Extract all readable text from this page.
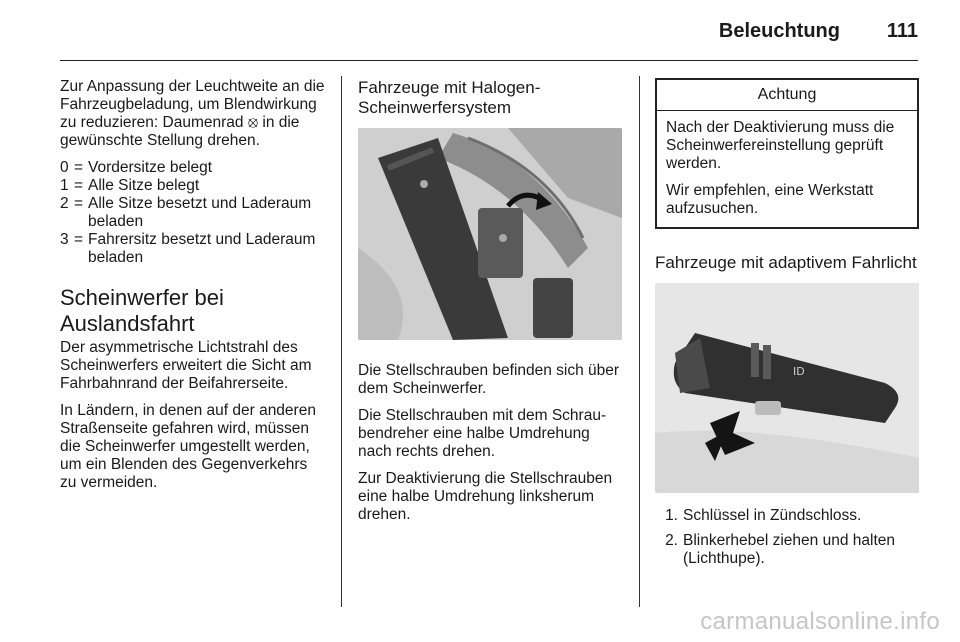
Beleuchtung 111

Zur Anpassung der Leuchtweite an die Fahrzeugbeladung, um Blendwirkung zu reduzieren: Daumenrad ⦻ in die gewünschte Stellung drehen.

0 = Vordersitze belegt
1 = Alle Sitze belegt
2 = Alle Sitze besetzt und Laderaum beladen
3 = Fahrersitz besetzt und Laderaum beladen
Scheinwerfer bei Auslandsfahrt

Der asymmetrische Lichtstrahl des Scheinwerfers erweitert die Sicht am Fahrbahnrand der Beifahrerseite.

In Ländern, in denen auf der anderen Straßenseite gefahren wird, müssen die Scheinwerfer umgestellt werden, um ein Blenden des Gegenverkehrs zu vermeiden.

Fahrzeuge mit Halogen-Scheinwerfersystem

Die Stellschrauben befinden sich über dem Scheinwerfer.

Die Stellschrauben mit dem Schraubendreher eine halbe Umdrehung nach rechts drehen.

Zur Deaktivierung die Stellschrauben eine halbe Umdrehung linksherum drehen.

Achtung

Nach der Deaktivierung muss die Scheinwerfereinstellung geprüft werden.

Wir empfehlen, eine Werkstatt aufzusuchen.

Fahrzeuge mit adaptivem Fahrlicht
ID
1. Schlüssel in Zündschloss.
2. Blinkerhebel ziehen und halten (Lichthupe).
carmanualsonline.info
